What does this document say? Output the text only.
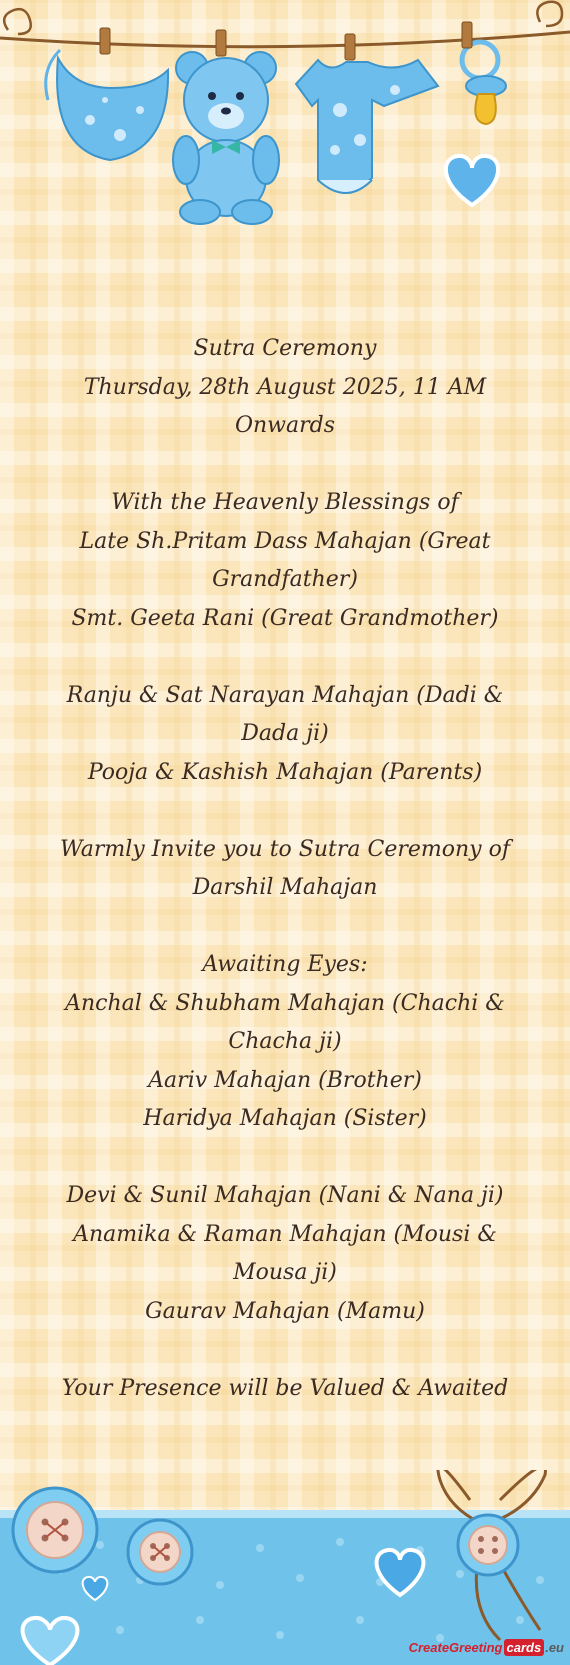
Sutra Ceremony
Thursday, 28th August 2025, 11 AM Onwards
With the Heavenly Blessings of
Late Sh.Pritam Dass Mahajan (Great Grandfather)
Smt. Geeta Rani (Great Grandmother)
Ranju & Sat Narayan Mahajan (Dadi & Dada ji)
Pooja & Kashish Mahajan (Parents)
Warmly Invite you to Sutra Ceremony of Darshil Mahajan
Awaiting Eyes:
Anchal & Shubham Mahajan (Chachi & Chacha ji)
Aariv Mahajan (Brother)
Haridya Mahajan (Sister)
Devi & Sunil Mahajan (Nani & Nana ji)
Anamika & Raman Mahajan (Mousi & Mousa ji)
Gaurav Mahajan (Mamu)
Your Presence will be Valued & Awaited
CreateGreeting cards .eu
